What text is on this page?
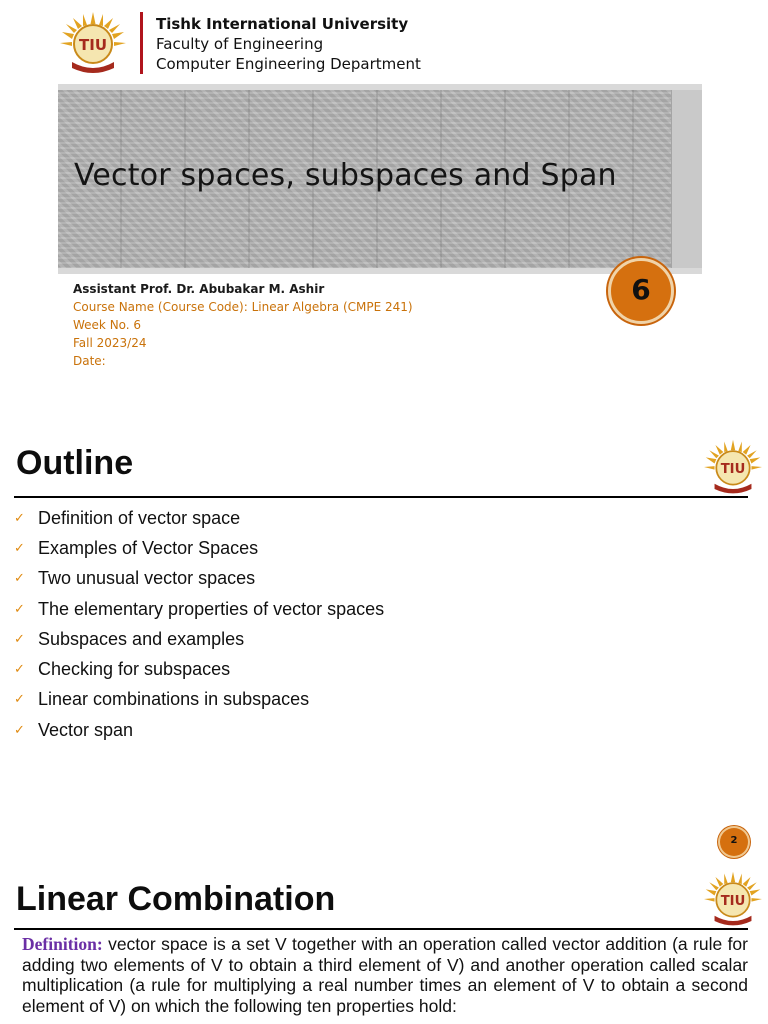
TIU
Tishk International University
Faculty of Engineering
Computer Engineering Department
Vector spaces, subspaces and Span
Assistant Prof. Dr. Abubakar M. Ashir
Course Name (Course Code): Linear Algebra (CMPE 241)
Week No. 6
Fall 2023/24
Date:
6
Outline	TIU
✓ Definition of vector space
✓ Examples of Vector Spaces
✓ Two unusual vector spaces
✓ The elementary properties of vector spaces
✓ Subspaces and examples
✓ Checking for subspaces
✓ Linear combinations in subspaces
✓ Vector span
2
Linear Combination	TIU
Definition: vector space is a set V together with an operation called vector addition (a rule for adding two elements of V to obtain a third element of V) and another operation called scalar multiplication (a rule for multiplying a real number times an element of V to obtain a second element of V) on which the following ten properties hold:
